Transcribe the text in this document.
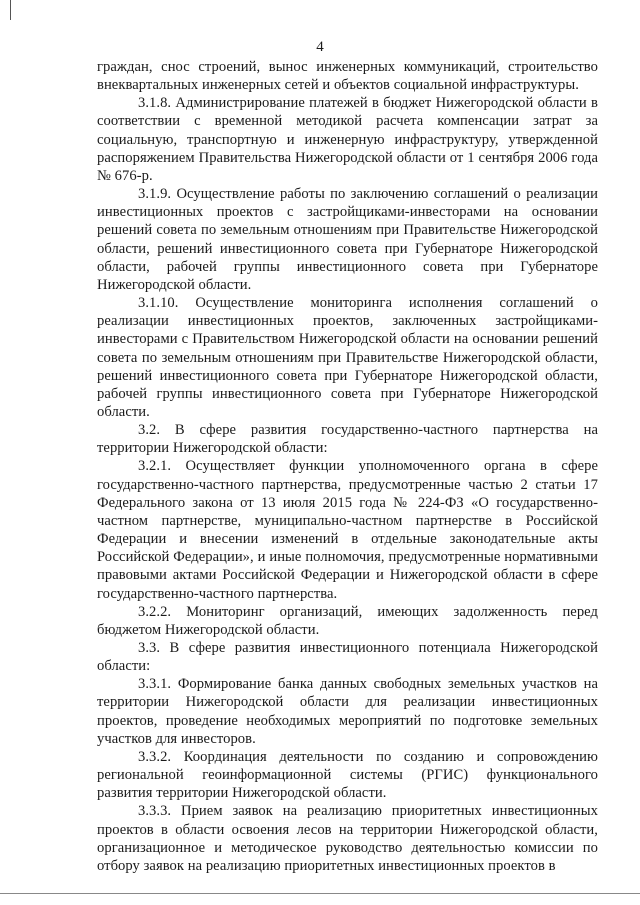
4

граждан, снос строений, вынос инженерных коммуникаций, строительство внеквартальных инженерных сетей и объектов социальной инфраструктуры.

3.1.8. Администрирование платежей в бюджет Нижегородской области в соответствии с временной методикой расчета компенсации затрат за социальную, транспортную и инженерную инфраструктуру, утвержденной распоряжением Правительства Нижегородской области от 1 сентября 2006 года № 676-р.

3.1.9. Осуществление работы по заключению соглашений о реализации инвестиционных проектов с застройщиками-инвесторами на основании решений совета по земельным отношениям при Правительстве Нижегородской области, решений инвестиционного совета при Губернаторе Нижегородской области, рабочей группы инвестиционного совета при Губернаторе Нижегородской области.

3.1.10. Осуществление мониторинга исполнения соглашений о реализации инвестиционных проектов, заключенных застройщиками-инвесторами с Правительством Нижегородской области на основании решений совета по земельным отношениям при Правительстве Нижегородской области, решений инвестиционного совета при Губернаторе Нижегородской области, рабочей группы инвестиционного совета при Губернаторе Нижегородской области.

3.2. В сфере развития государственно-частного партнерства на территории Нижегородской области:

3.2.1. Осуществляет функции уполномоченного органа в сфере государственно-частного партнерства, предусмотренные частью 2 статьи 17 Федерального закона от 13 июля 2015 года № 224-ФЗ «О государственно-частном партнерстве, муниципально-частном партнерстве в Российской Федерации и внесении изменений в отдельные законодательные акты Российской Федерации», и иные полномочия, предусмотренные нормативными правовыми актами Российской Федерации и Нижегородской области в сфере государственно-частного партнерства.

3.2.2. Мониторинг организаций, имеющих задолженность перед бюджетом Нижегородской области.

3.3. В сфере развития инвестиционного потенциала Нижегородской области:

3.3.1. Формирование банка данных свободных земельных участков на территории Нижегородской области для реализации инвестиционных проектов, проведение необходимых мероприятий по подготовке земельных участков для инвесторов.

3.3.2. Координация деятельности по созданию и сопровождению региональной геоинформационной системы (РГИС) функционального развития территории Нижегородской области.

3.3.3. Прием заявок на реализацию приоритетных инвестиционных проектов в области освоения лесов на территории Нижегородской области, организационное и методическое руководство деятельностью комиссии по отбору заявок на реализацию приоритетных инвестиционных проектов в
